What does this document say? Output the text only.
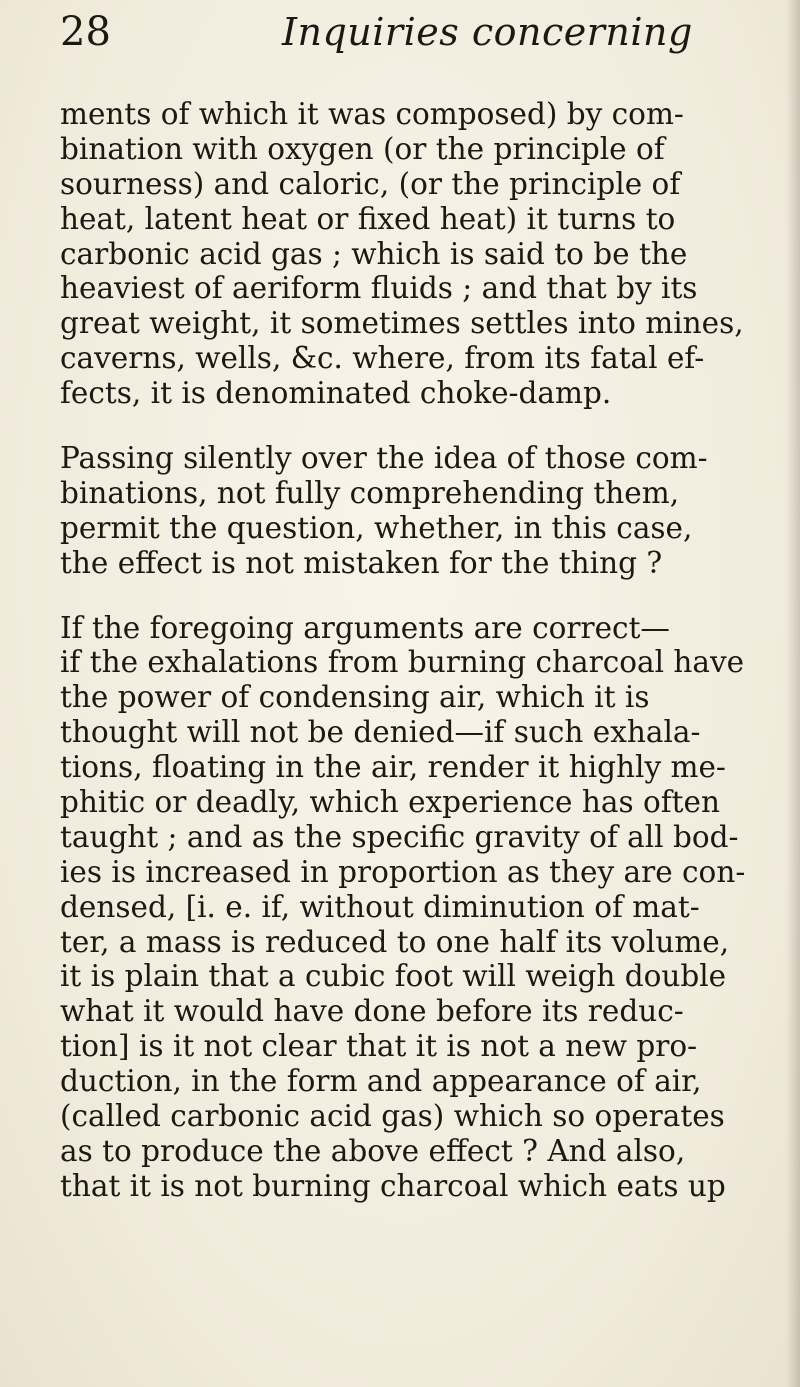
28	Inquiries concerning
ments of which it was composed) by com-
bination with oxygen (or the principle of
sourness) and caloric, (or the principle of
heat, latent heat or fixed heat) it turns to
carbonic acid gas ; which is said to be the
heaviest of aeriform fluids ; and that by its
great weight, it sometimes settles into mines,
caverns, wells, &c. where, from its fatal ef-
fects, it is denominated choke-damp.
Passing silently over the idea of those com-
binations, not fully comprehending them,
permit the question, whether, in this case,
the effect is not mistaken for the thing ?
If the foregoing arguments are correct—
if the exhalations from burning charcoal have
the power of condensing air, which it is
thought will not be denied—if such exhala-
tions, floating in the air, render it highly me-
phitic or deadly, which experience has often
taught ; and as the specific gravity of all bod-
ies is increased in proportion as they are con-
densed, [i. e. if, without diminution of mat-
ter, a mass is reduced to one half its volume,
it is plain that a cubic foot will weigh double
what it would have done before its reduc-
tion] is it not clear that it is not a new pro-
duction, in the form and appearance of air,
(called carbonic acid gas) which so operates
as to produce the above effect ? And also,
that it is not burning charcoal which eats up
